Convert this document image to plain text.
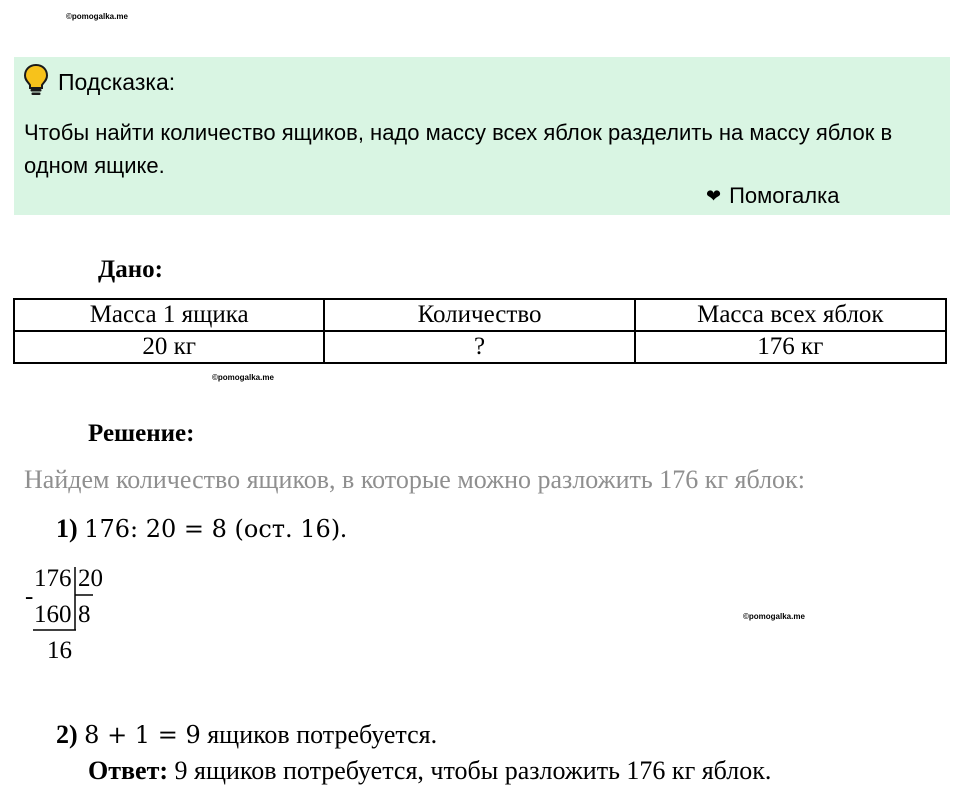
©pomogalka.me
Подсказка:
Чтобы найти количество ящиков, надо массу всех яблок разделить на массу яблок в одном ящике.
❤ Помогалка
Дано:
Масса 1 ящика	Количество	Масса всех яблок
20 кг	?	176 кг
©pomogalka.me
Решение:
Найдем количество ящиков, в которые можно разложить 176 кг яблок:
1) 176: 20 = 8 (ост. 16).
176 20
-
160 8
16
©pomogalka.me
2) 8 + 1 = 9 ящиков потребуется.
Ответ: 9 ящиков потребуется, чтобы разложить 176 кг яблок.
